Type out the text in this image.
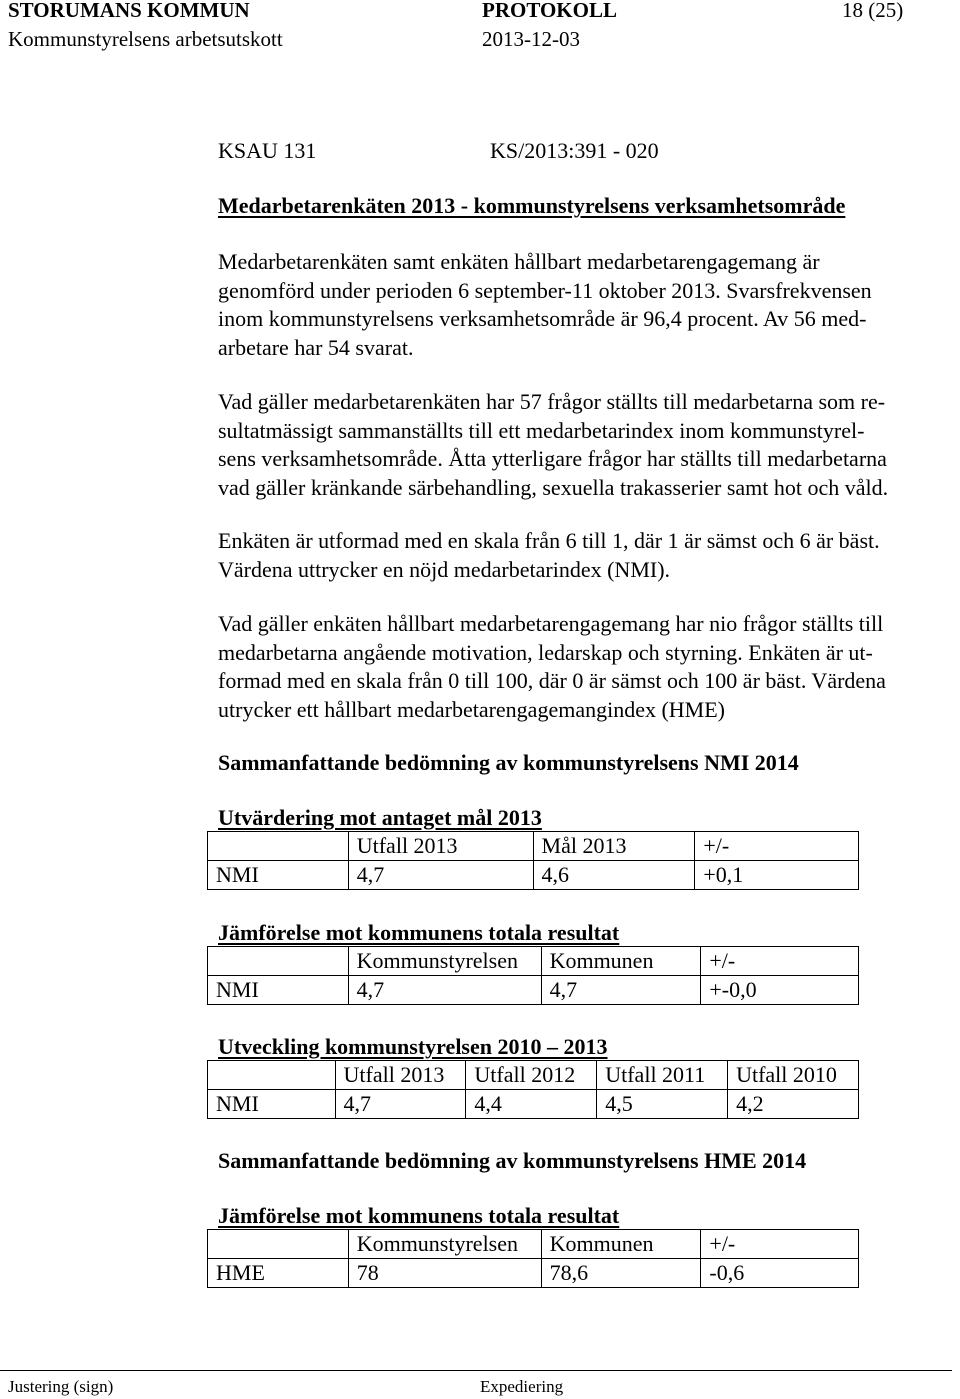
STORUMANS KOMMUN	PROTOKOLL	18 (25)
Kommunstyrelsens arbetsutskott	2013-12-03
KSAU 131	KS/2013:391 - 020
Medarbetarenkäten 2013 - kommunstyrelsens verksamhetsområde
Medarbetarenkäten samt enkäten hållbart medarbetarengagemang är
genomförd under perioden 6 september-11 oktober 2013. Svarsfrekvensen
inom kommunstyrelsens verksamhetsområde är 96,4 procent. Av 56 med-
arbetare har 54 svarat.
Vad gäller medarbetarenkäten har 57 frågor ställts till medarbetarna som re-
sultatmässigt sammanställts till ett medarbetarindex inom kommunstyrel-
sens verksamhetsområde. Åtta ytterligare frågor har ställts till medarbetarna
vad gäller kränkande särbehandling, sexuella trakasserier samt hot och våld.
Enkäten är utformad med en skala från 6 till 1, där 1 är sämst och 6 är bäst.
Värdena uttrycker en nöjd medarbetarindex (NMI).
Vad gäller enkäten hållbart medarbetarengagemang har nio frågor ställts till
medarbetarna angående motivation, ledarskap och styrning. Enkäten är ut-
formad med en skala från 0 till 100, där 0 är sämst och 100 är bäst. Värdena
utrycker ett hållbart medarbetarengagemangindex (HME)
Sammanfattande bedömning av kommunstyrelsens NMI 2014
Utvärdering mot antaget mål 2013
	Utfall 2013	Mål 2013	+/-
NMI	4,7	4,6	+0,1
Jämförelse mot kommunens totala resultat
	Kommunstyrelsen	Kommunen	+/-
NMI	4,7	4,7	+-0,0
Utveckling kommunstyrelsen 2010 – 2013
	Utfall 2013	Utfall 2012	Utfall 2011	Utfall 2010
NMI	4,7	4,4	4,5	4,2
Sammanfattande bedömning av kommunstyrelsens HME 2014
Jämförelse mot kommunens totala resultat
	Kommunstyrelsen	Kommunen	+/-
HME	78	78,6	-0,6
Justering (sign)	Expediering
